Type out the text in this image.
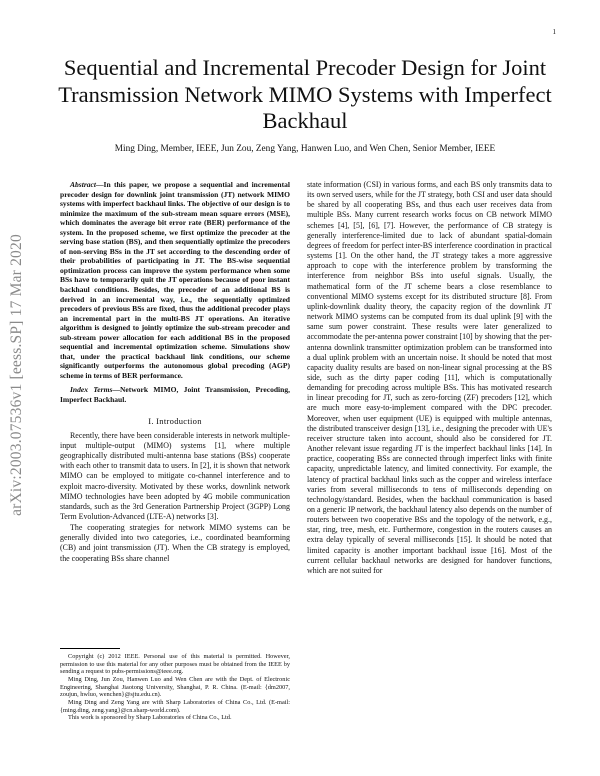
1
arXiv:2003.07536v1 [eess.SP] 17 Mar 2020
Sequential and Incremental Precoder Design for Joint Transmission Network MIMO Systems with Imperfect Backhaul
Ming Ding, Member, IEEE, Jun Zou, Zeng Yang, Hanwen Luo, and Wen Chen, Senior Member, IEEE
Abstract—In this paper, we propose a sequential and incremental precoder design for downlink joint transmission (JT) network MIMO systems with imperfect backhaul links. The objective of our design is to minimize the maximum of the sub-stream mean square errors (MSE), which dominates the average bit error rate (BER) performance of the system. In the proposed scheme, we first optimize the precoder at the serving base station (BS), and then sequentially optimize the precoders of non-serving BSs in the JT set according to the descending order of their probabilities of participating in JT. The BS-wise sequential optimization process can improve the system performance when some BSs have to temporarily quit the JT operations because of poor instant backhaul conditions. Besides, the precoder of an additional BS is derived in an incremental way, i.e., the sequentially optimized precoders of previous BSs are fixed, thus the additional precoder plays an incremental part in the multi-BS JT operations. An iterative algorithm is designed to jointly optimize the sub-stream precoder and sub-stream power allocation for each additional BS in the proposed sequential and incremental optimization scheme. Simulations show that, under the practical backhaul link conditions, our scheme significantly outperforms the autonomous global precoding (AGP) scheme in terms of BER performance.
Index Terms—Network MIMO, Joint Transmission, Precoding, Imperfect Backhaul.
I. Introduction

Recently, there have been considerable interests in network multiple-input multiple-output (MIMO) systems [1], where multiple geographically distributed multi-antenna base stations (BSs) cooperate with each other to transmit data to users. In [2], it is shown that network MIMO can be employed to mitigate co-channel interference and to exploit macro-diversity. Motivated by these works, downlink network MIMO technologies have been adopted by 4G mobile communication standards, such as the 3rd Generation Partnership Project (3GPP) Long Term Evolution-Advanced (LTE-A) networks [3].

The cooperating strategies for network MIMO systems can be generally divided into two categories, i.e., coordinated beamforming (CB) and joint transmission (JT). When the CB strategy is employed, the cooperating BSs share channel

state information (CSI) in various forms, and each BS only transmits data to its own served users, while for the JT strategy, both CSI and user data should be shared by all cooperating BSs, and thus each user receives data from multiple BSs. Many current research works focus on CB network MIMO schemes [4], [5], [6], [7]. However, the performance of CB strategy is generally interference-limited due to lack of abundant spatial-domain degrees of freedom for perfect inter-BS interference coordination in practical systems [1]. On the other hand, the JT strategy takes a more aggressive approach to cope with the interference problem by transforming the interference from neighbor BSs into useful signals. Usually, the mathematical form of the JT scheme bears a close resemblance to conventional MIMO systems except for its distributed structure [8]. From uplink-downlink duality theory, the capacity region of the downlink JT network MIMO systems can be computed from its dual uplink [9] with the same sum power constraint. These results were later generalized to accommodate the per-antenna power constraint [10] by showing that the per-antenna downlink transmitter optimization problem can be transformed into a dual uplink problem with an uncertain noise. It should be noted that most capacity duality results are based on non-linear signal processing at the BS side, such as the dirty paper coding [11], which is computationally demanding for precoding across multiple BSs. This has motivated research in linear precoding for JT, such as zero-forcing (ZF) precoders [12], which are much more easy-to-implement compared with the DPC precoder. Moreover, when user equipment (UE) is equipped with multiple antennas, the distributed transceiver design [13], i.e., designing the precoder with UE's receiver structure taken into account, should also be considered for JT. Another relevant issue regarding JT is the imperfect backhaul links [14]. In practice, cooperating BSs are connected through imperfect links with finite capacity, unpredictable latency, and limited connectivity. For example, the latency of practical backhaul links such as the copper and wireless interface varies from several milliseconds to tens of milliseconds depending on technology/standard. Besides, when the backhaul communication is based on a generic IP network, the backhaul latency also depends on the number of routers between two cooperative BSs and the topology of the network, e.g., star, ring, tree, mesh, etc. Furthermore, congestion in the routers causes an extra delay typically of several milliseconds [15]. It should be noted that limited capacity is another important backhaul issue [16]. Most of the current cellular backhaul networks are designed for handover functions, which are not suited for

Copyright (c) 2012 IEEE. Personal use of this material is permitted. However, permission to use this material for any other purposes must be obtained from the IEEE by sending a request to pubs-permissions@ieee.org.

Ming Ding, Jun Zou, Hanwen Luo and Wen Chen are with the Dept. of Electronic Engineering, Shanghai Jiaotong University, Shanghai, P. R. China. (E-mail: {dm2007, zoujun, hwluo, wenchen}@sjtu.edu.cn).

Ming Ding and Zeng Yang are with Sharp Laboratories of China Co., Ltd. (E-mail: {ming.ding, zeng.yang}@cn.sharp-world.com).

This work is sponsored by Sharp Laboratories of China Co., Ltd.
